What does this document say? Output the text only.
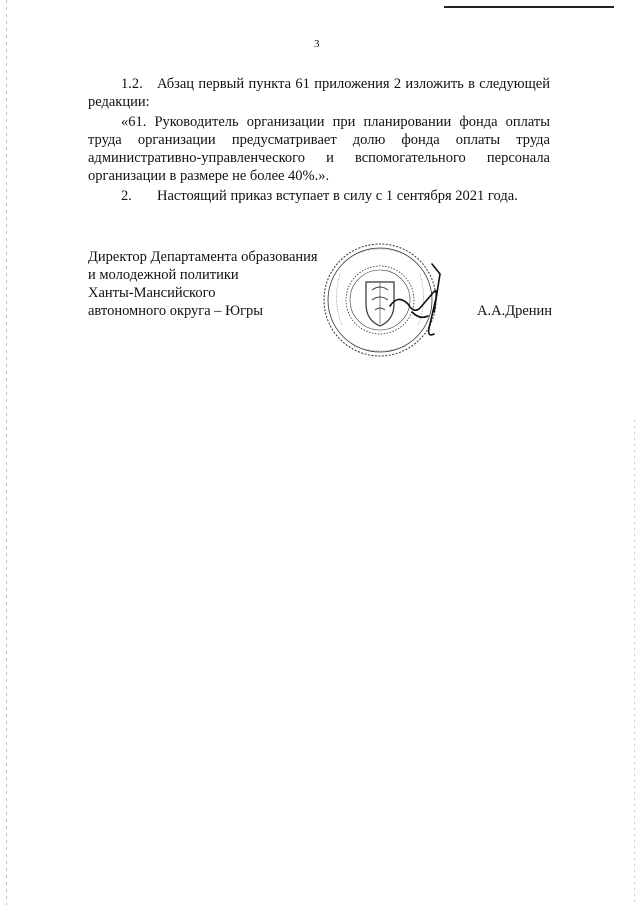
3

1.2. Абзац первый пункта 61 приложения 2 изложить в следующей редакции:

«61. Руководитель организации при планировании фонда оплаты труда организации предусматривает долю фонда оплаты труда административно-управленческого и вспомогательного персонала организации в размере не более 40%.».

2. Настоящий приказ вступает в силу с 1 сентября 2021 года.

Директор Департамента образования
и молодежной политики
Ханты-Мансийского
автономного округа – Югры	А.А.Дренин
